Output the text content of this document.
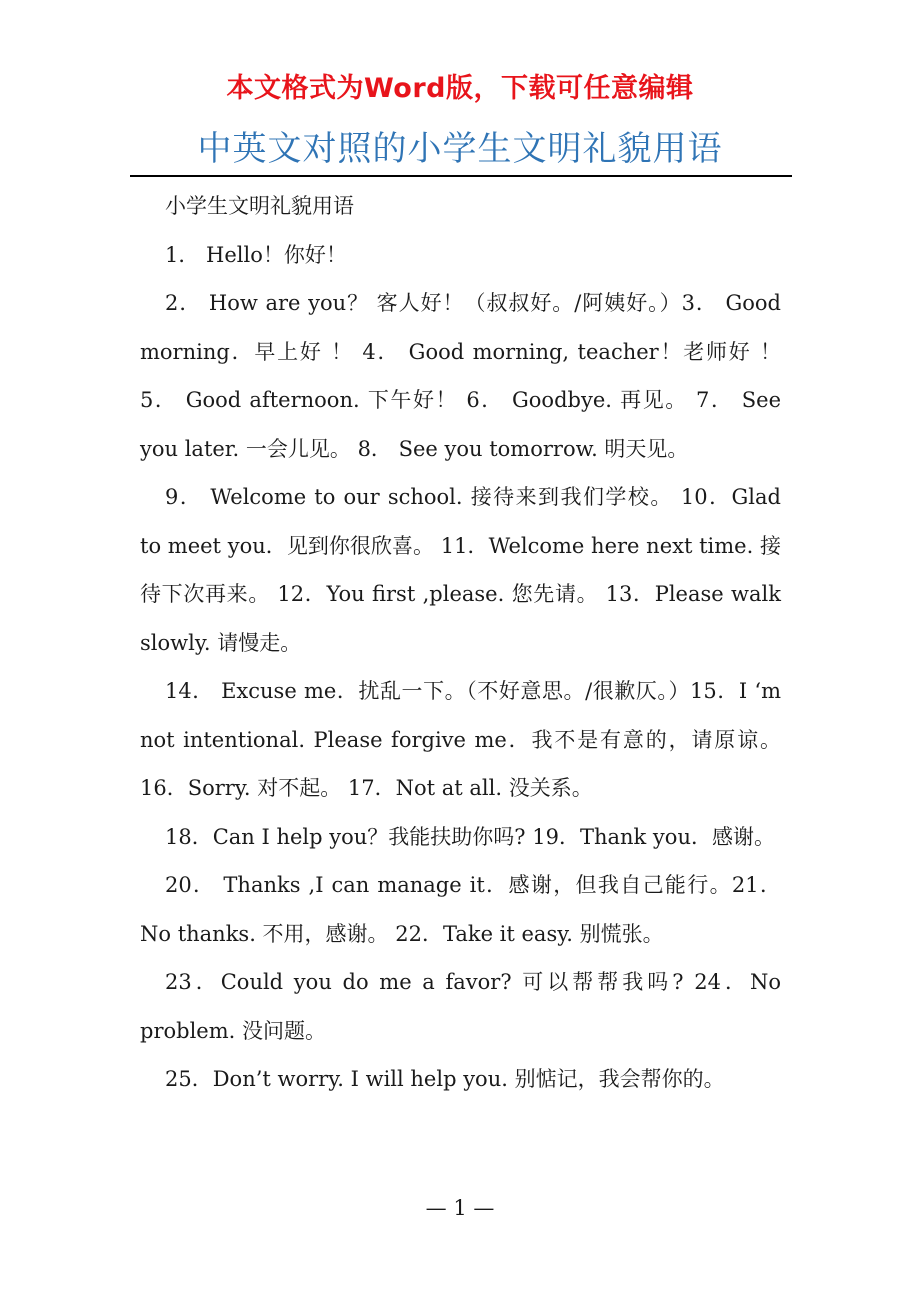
本文格式为Word版，下载可任意编辑
中英文对照的小学生文明礼貌用语

小学生文明礼貌用语

1． Hello！你好！

2． How are you？ 客人好！（叔叔好。/阿姨好。）3． Good morning．早上好 ！ 4． Good morning, teacher！老师好 ！ 5． Good afternoon. 下午好！ 6． Goodbye. 再见。 7． See you later. 一会儿见。 8． See you tomorrow. 明天见。

9． Welcome to our school. 接待来到我们学校。 10．Glad to meet you．见到你很欣喜。 11．Welcome here next time. 接待下次再来。 12．You first ,please. 您先请。 13．Please walk slowly. 请慢走。

14． Excuse me．扰乱一下。（不好意思。/很歉仄。）15．I ‘m not intentional. Please forgive me．我不是有意的，请原谅。 16．Sorry. 对不起。 17．Not at all. 没关系。

18．Can I help you？我能扶助你吗? 19．Thank you．感谢。

20． Thanks ,I can manage it．感谢，但我自己能行。21．No thanks. 不用，感谢。 22．Take it easy. 别慌张。

23．Could you do me a favor? 可以帮帮我吗? 24．No problem. 没问题。

25．Don’t worry. I will help you. 别惦记，我会帮你的。

— 1 —
